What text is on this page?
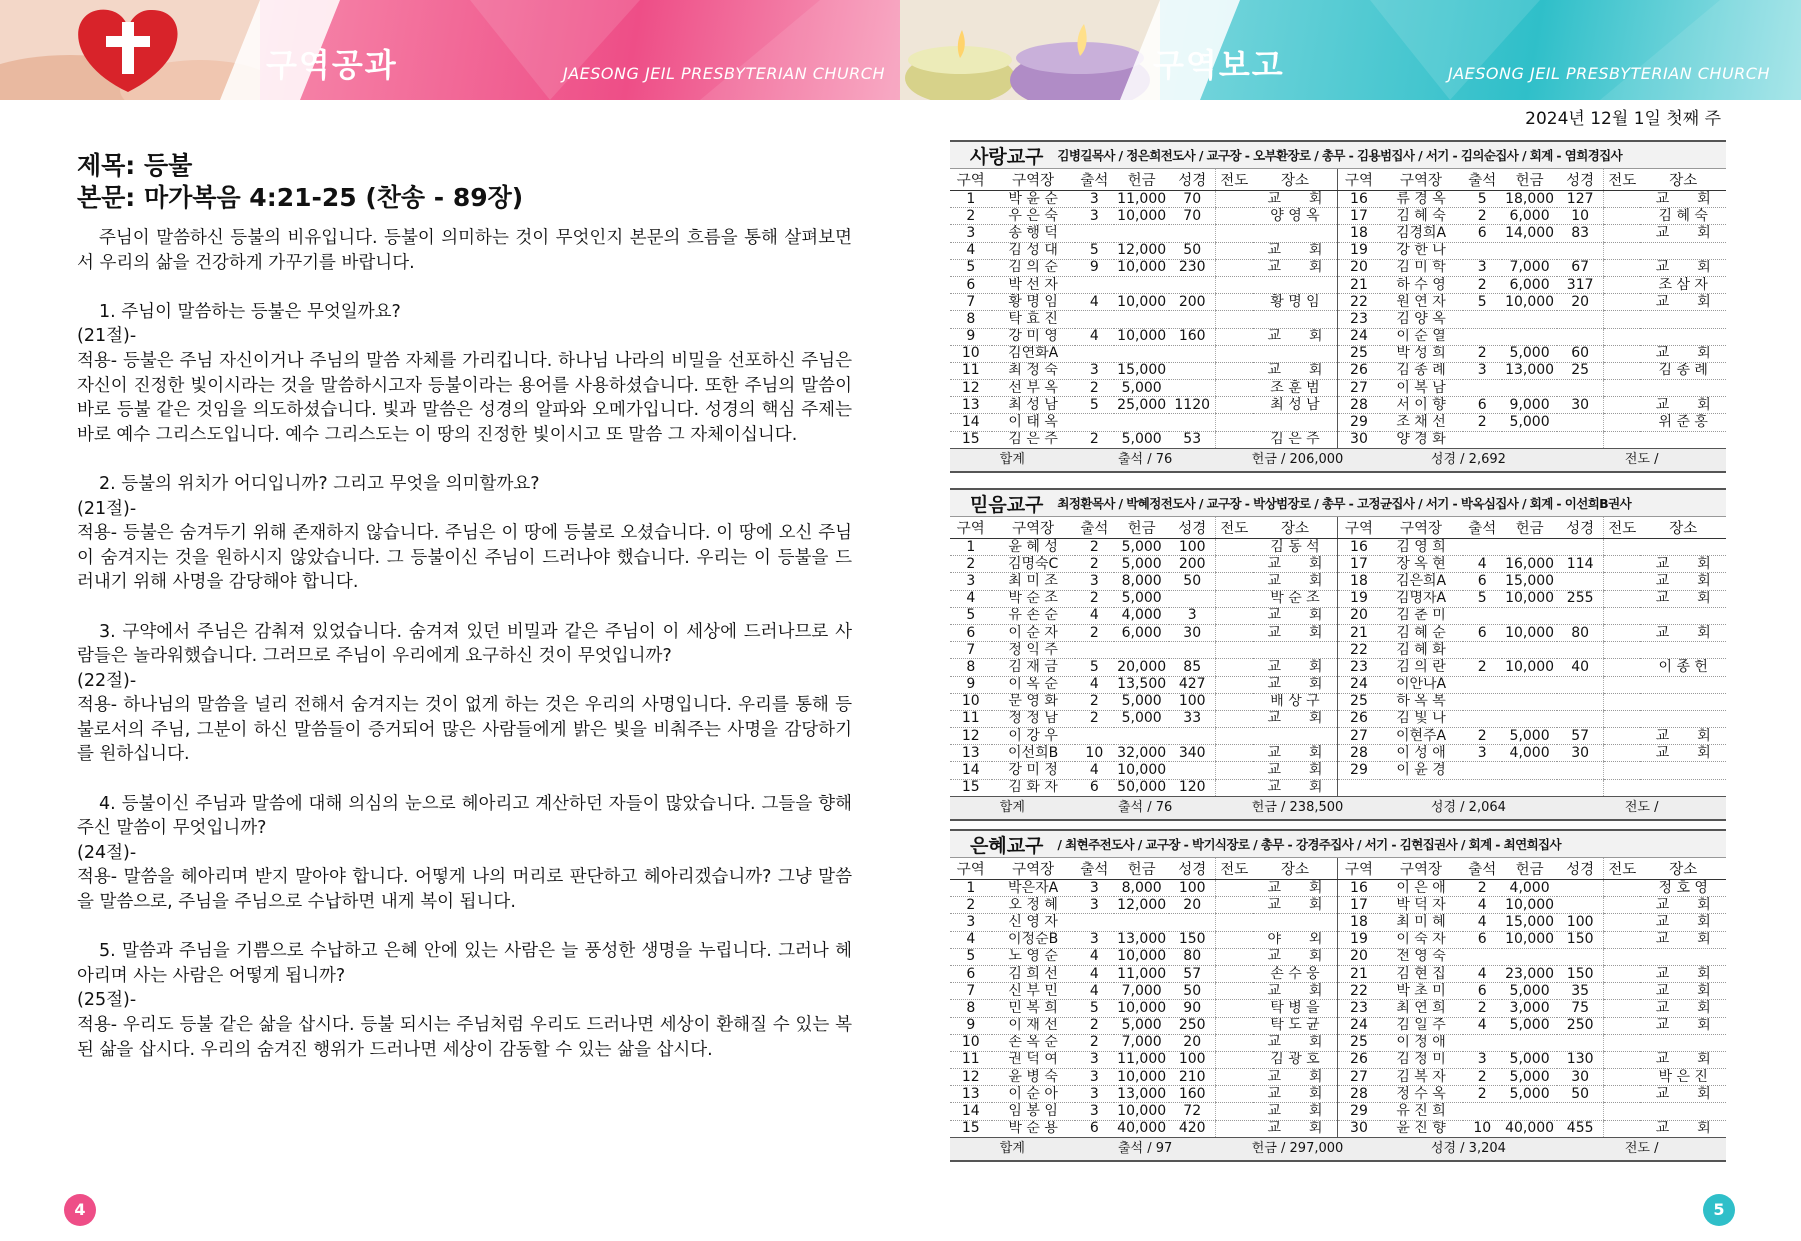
구역공과	JAESONG JEIL PRESBYTERIAN CHURCH
제목: 등불
본문: 마가복음 4:21-25 (찬송 - 89장)

주님이 말씀하신 등불의 비유입니다. 등불이 의미하는 것이 무엇인지 본문의 흐름을 통해 살펴보면서 우리의 삶을 건강하게 가꾸기를 바랍니다.

1. 주님이 말씀하는 등불은 무엇일까요?
(21절)-

적용- 등불은 주님 자신이거나 주님의 말씀 자체를 가리킵니다. 하나님 나라의 비밀을 선포하신 주님은 자신이 진정한 빛이시라는 것을 말씀하시고자 등불이라는 용어를 사용하셨습니다. 또한 주님의 말씀이 바로 등불 같은 것임을 의도하셨습니다. 빛과 말씀은 성경의 알파와 오메가입니다. 성경의 핵심 주제는 바로 예수 그리스도입니다. 예수 그리스도는 이 땅의 진정한 빛이시고 또 말씀 그 자체이십니다.

2. 등불의 위치가 어디입니까? 그리고 무엇을 의미할까요?
(21절)-

적용- 등불은 숨겨두기 위해 존재하지 않습니다. 주님은 이 땅에 등불로 오셨습니다. 이 땅에 오신 주님이 숨겨지는 것을 원하시지 않았습니다. 그 등불이신 주님이 드러나야 했습니다. 우리는 이 등불을 드러내기 위해 사명을 감당해야 합니다.

3. 구약에서 주님은 감춰져 있었습니다. 숨겨져 있던 비밀과 같은 주님이 이 세상에 드러나므로 사람들은 놀라워했습니다. 그러므로 주님이 우리에게 요구하신 것이 무엇입니까?
(22절)-

적용- 하나님의 말씀을 널리 전해서 숨겨지는 것이 없게 하는 것은 우리의 사명입니다. 우리를 통해 등불로서의 주님, 그분이 하신 말씀들이 증거되어 많은 사람들에게 밝은 빛을 비춰주는 사명을 감당하기를 원하십니다.

4. 등불이신 주님과 말씀에 대해 의심의 눈으로 헤아리고 계산하던 자들이 많았습니다. 그들을 향해 주신 말씀이 무엇입니까?
(24절)-

적용- 말씀을 헤아리며 받지 말아야 합니다. 어떻게 나의 머리로 판단하고 헤아리겠습니까? 그냥 말씀을 말씀으로, 주님을 주님으로 수납하면 내게 복이 됩니다.

5. 말씀과 주님을 기쁨으로 수납하고 은혜 안에 있는 사람은 늘 풍성한 생명을 누립니다. 그러나 헤아리며 사는 사람은 어떻게 됩니까?
(25절)-

적용- 우리도 등불 같은 삶을 삽시다. 등불 되시는 주님처럼 우리도 드러나면 세상이 환해질 수 있는 복된 삶을 삽시다. 우리의 숨겨진 행위가 드러나면 세상이 감동할 수 있는 삶을 삽시다.

4
구역보고	JAESONG JEIL PRESBYTERIAN CHURCH
2024년 12월 1일 첫째 주
사랑교구	김병길목사 / 정은희전도사 / 교구장 - 오부환장로 / 총무 - 김용범집사 / 서기 - 김의순집사 / 회계 - 염희경집사
구역	구역장	출석	헌금	성경	전도	장소	구역	구역장	출석	헌금	성경	전도	장소
1	박 윤 순	3	11,000	70		교　　회	16	류 경 옥	5	18,000	127		교　　회
2	우 은 숙	3	10,000	70		양 영 옥	17	김 혜 숙	2	6,000	10		김 혜 숙
3	송 행 덕						18	김경희A	6	14,000	83		교　　회
4	김 성 대	5	12,000	50		교　　회	19	강 한 나					
5	김 의 순	9	10,000	230		교　　회	20	김 미 학	3	7,000	67		교　　회
6	박 선 자						21	하 수 영	2	6,000	317		조 삼 자
7	황 명 임	4	10,000	200		황 명 임	22	원 연 자	5	10,000	20		교　　회
8	탁 효 진						23	김 양 옥					
9	강 미 영	4	10,000	160		교　　회	24	이 순 열					
10	김연화A						25	박 성 희	2	5,000	60		교　　회
11	최 정 숙	3	15,000			교　　회	26	김 종 례	3	13,000	25		김 종 례
12	선 부 옥	2	5,000			조 훈 범	27	이 복 남					
13	최 성 남	5	25,000	1120		최 성 남	28	서 이 향	6	9,000	30		교　　회
14	이 태 옥						29	조 채 선	2	5,000			위 준 홍
15	김 은 주	2	5,000	53		김 은 주	30	양 경 화					
합계		출석 / 76			헌금 / 206,000			성경 / 2,692			전도 /		
믿음교구	최정환목사 / 박혜정전도사 / 교구장 - 박상범장로 / 총무 - 고정균집사 / 서기 - 박옥심집사 / 회계 - 이선희B권사
구역	구역장	출석	헌금	성경	전도	장소	구역	구역장	출석	헌금	성경	전도	장소
1	윤 혜 성	2	5,000	100		김 동 석	16	김 영 희					
2	김명숙C	2	5,000	200		교　　회	17	장 옥 현	4	16,000	114		교　　회
3	최 미 조	3	8,000	50		교　　회	18	김은희A	6	15,000			교　　회
4	박 순 조	2	5,000			박 순 조	19	김명자A	5	10,000	255		교　　회
5	유 손 순	4	4,000	3		교　　회	20	김 춘 미					
6	이 순 자	2	6,000	30		교　　회	21	김 혜 순	6	10,000	80		교　　회
7	정 익 주						22	김 혜 화					
8	김 재 금	5	20,000	85		교　　회	23	김 의 란	2	10,000	40		이 종 헌
9	이 옥 순	4	13,500	427		교　　회	24	이안나A					
10	문 영 화	2	5,000	100		배 상 구	25	하 옥 복					
11	정 정 남	2	5,000	33		교　　회	26	김 빛 나					
12	이 강 우						27	이현주A	2	5,000	57		교　　회
13	이선희B	10	32,000	340		교　　회	28	이 성 애	3	4,000	30		교　　회
14	강 미 정	4	10,000			교　　회	29	이 윤 경					
15	김 화 자	6	50,000	120		교　　회							
합계		출석 / 76			헌금 / 238,500			성경 / 2,064			전도 /		
은혜교구	/ 최현주전도사 / 교구장 - 박기식장로 / 총무 - 강경주집사 / 서기 - 김현집권사 / 회계 - 최연희집사
구역	구역장	출석	헌금	성경	전도	장소	구역	구역장	출석	헌금	성경	전도	장소
1	박은자A	3	8,000	100		교　　회	16	이 은 애	2	4,000			정 호 영
2	오 정 혜	3	12,000	20		교　　회	17	박 덕 자	4	10,000			교　　회
3	신 영 자						18	최 미 혜	4	15,000	100		교　　회
4	이정순B	3	13,000	150		야　　외	19	이 숙 자	6	10,000	150		교　　회
5	노 영 순	4	10,000	80		교　　회	20	전 영 숙					
6	김 희 선	4	11,000	57		손 수 웅	21	김 현 집	4	23,000	150		교　　회
7	신 부 민	4	7,000	50		교　　회	22	박 초 미	6	5,000	35		교　　회
8	민 복 희	5	10,000	90		탁 병 을	23	최 연 희	2	3,000	75		교　　회
9	이 재 선	2	5,000	250		탁 도 균	24	김 일 주	4	5,000	250		교　　회
10	손 옥 순	2	7,000	20		교　　회	25	이 정 애					
11	권 덕 여	3	11,000	100		김 광 호	26	김 정 미	3	5,000	130		교　　회
12	윤 병 숙	3	10,000	210		교　　회	27	김 복 자	2	5,000	30		박 은 진
13	이 순 아	3	13,000	160		교　　회	28	정 수 옥	2	5,000	50		교　　회
14	임 봉 임	3	10,000	72		교　　회	29	유 진 희					
15	박 순 용	6	40,000	420		교　　회	30	윤 진 향	10	40,000	455		교　　회
합계		출석 / 97			헌금 / 297,000			성경 / 3,204			전도 /		
5
